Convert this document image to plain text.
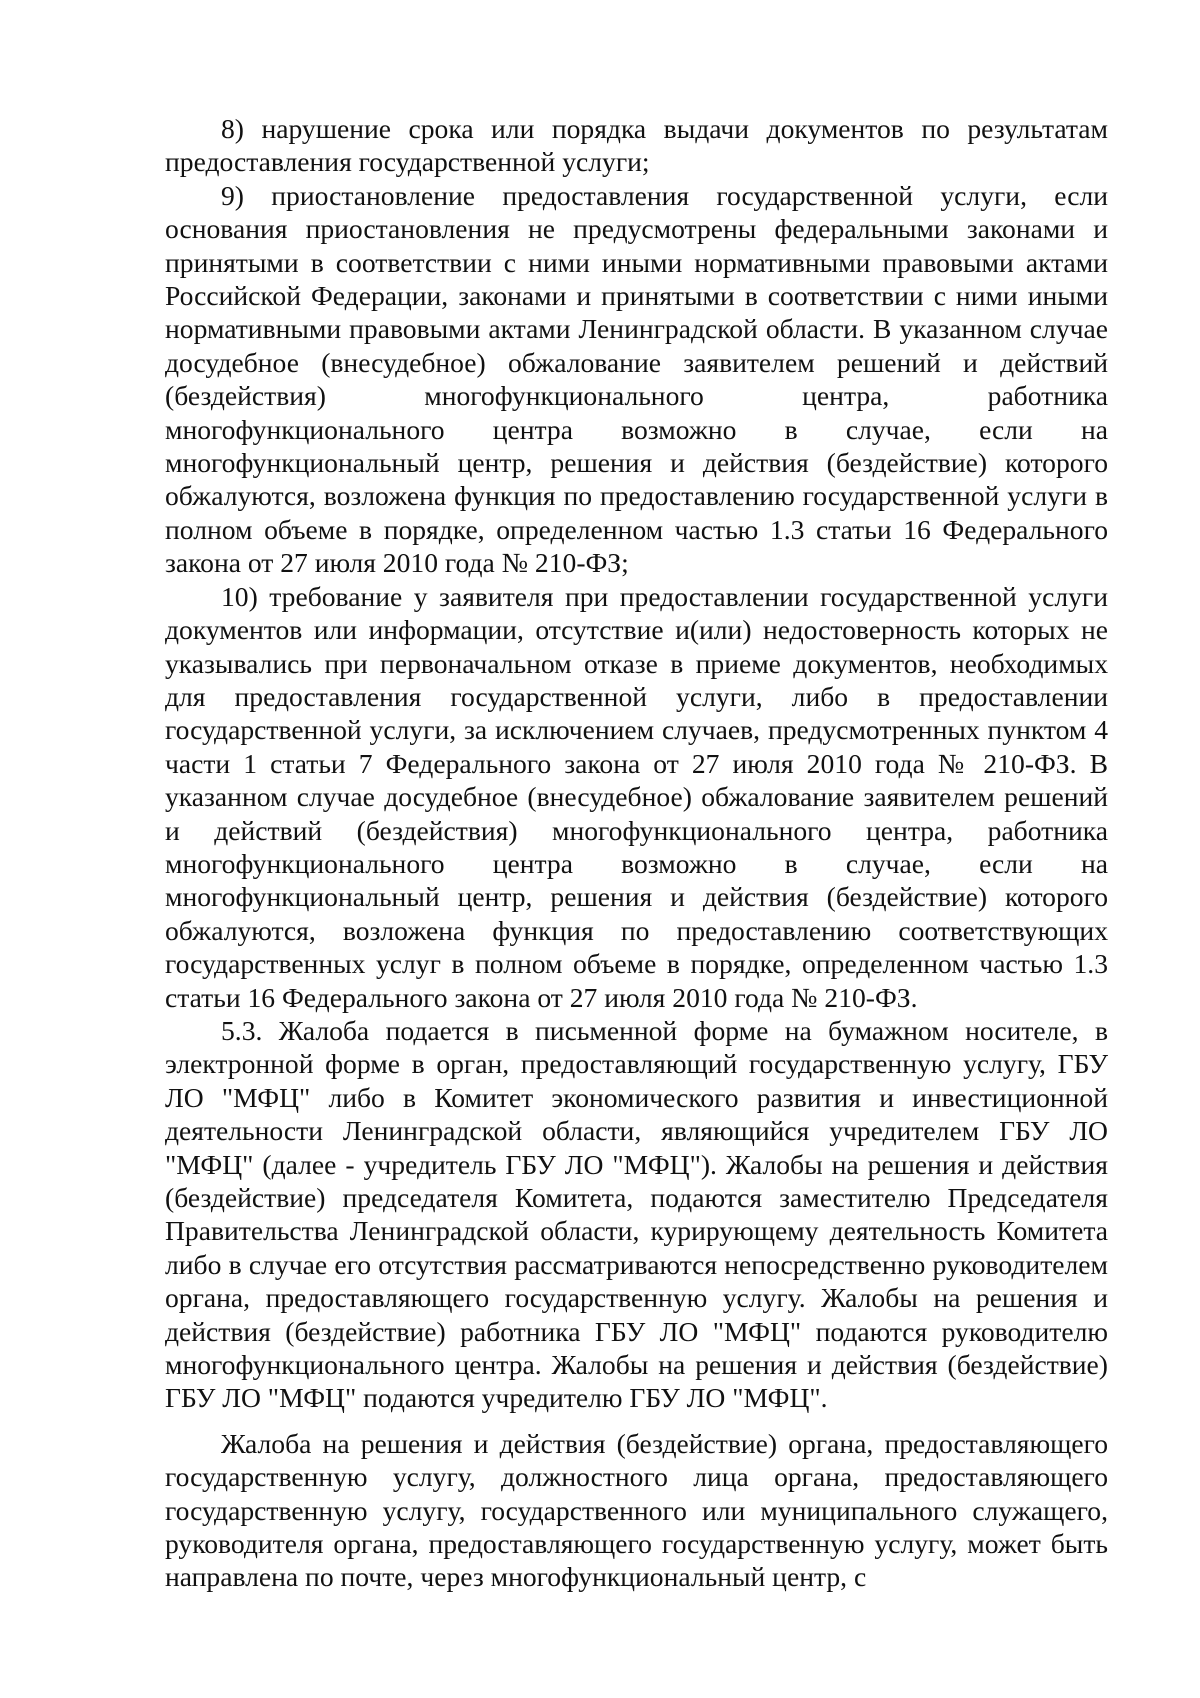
8) нарушение срока или порядка выдачи документов по результатам предоставления государственной услуги;

9) приостановление предоставления государственной услуги, если основания приостановления не предусмотрены федеральными законами и принятыми в соответствии с ними иными нормативными правовыми актами Российской Федерации, законами и принятыми в соответствии с ними иными нормативными правовыми актами Ленинградской области. В указанном случае досудебное (внесудебное) обжалование заявителем решений и действий (бездействия) многофункционального центра, работника многофункционального центра возможно в случае, если на многофункциональный центр, решения и действия (бездействие) которого обжалуются, возложена функция по предоставлению государственной услуги в полном объеме в порядке, определенном частью 1.3 статьи 16 Федерального закона от 27 июля 2010 года № 210-ФЗ;

10) требование у заявителя при предоставлении государственной услуги документов или информации, отсутствие и(или) недостоверность которых не указывались при первоначальном отказе в приеме документов, необходимых для предоставления государственной услуги, либо в предоставлении государственной услуги, за исключением случаев, предусмотренных пунктом 4 части 1 статьи 7 Федерального закона от 27 июля 2010 года № 210-ФЗ. В указанном случае досудебное (внесудебное) обжалование заявителем решений и действий (бездействия) многофункционального центра, работника многофункционального центра возможно в случае, если на многофункциональный центр, решения и действия (бездействие) которого обжалуются, возложена функция по предоставлению соответствующих государственных услуг в полном объеме в порядке, определенном частью 1.3 статьи 16 Федерального закона от 27 июля 2010 года № 210-ФЗ.

5.3. Жалоба подается в письменной форме на бумажном носителе, в электронной форме в орган, предоставляющий государственную услугу, ГБУ ЛО "МФЦ" либо в Комитет экономического развития и инвестиционной деятельности Ленинградской области, являющийся учредителем ГБУ ЛО "МФЦ" (далее - учредитель ГБУ ЛО "МФЦ"). Жалобы на решения и действия (бездействие) председателя Комитета, подаются заместителю Председателя Правительства Ленинградской области, курирующему деятельность Комитета либо в случае его отсутствия рассматриваются непосредственно руководителем органа, предоставляющего государственную услугу. Жалобы на решения и действия (бездействие) работника ГБУ ЛО "МФЦ" подаются руководителю многофункционального центра. Жалобы на решения и действия (бездействие) ГБУ ЛО "МФЦ" подаются учредителю ГБУ ЛО "МФЦ".

Жалоба на решения и действия (бездействие) органа, предоставляющего государственную услугу, должностного лица органа, предоставляющего государственную услугу, государственного или муниципального служащего, руководителя органа, предоставляющего государственную услугу, может быть направлена по почте, через многофункциональный центр, с
